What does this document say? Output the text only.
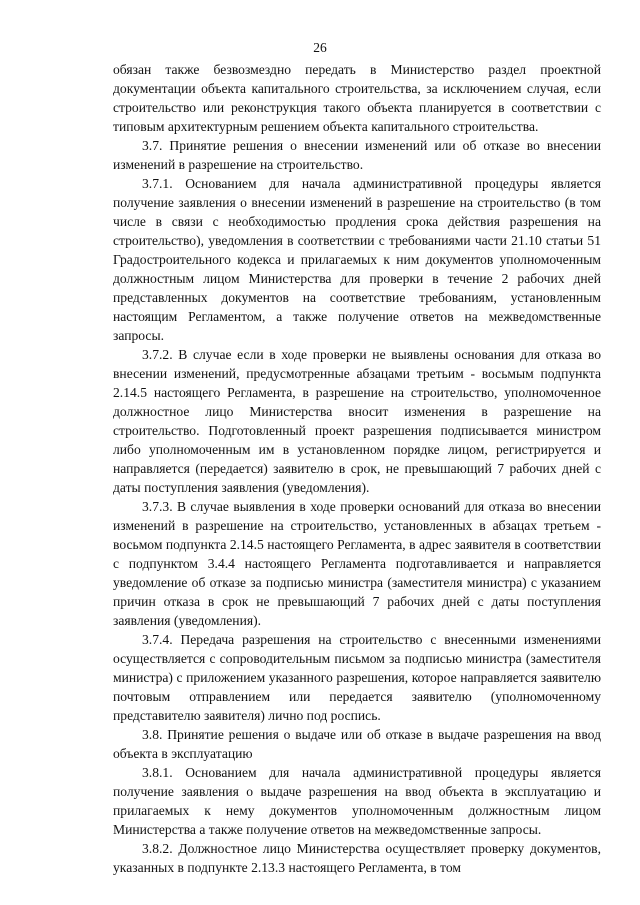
26

обязан также безвозмездно передать в Министерство раздел проектной документации объекта капитального строительства, за исключением случая, если строительство или реконструкция такого объекта планируется в соответствии с типовым архитектурным решением объекта капитального строительства.

3.7. Принятие решения о внесении изменений или об отказе во внесении изменений в разрешение на строительство.

3.7.1. Основанием для начала административной процедуры является получение заявления о внесении изменений в разрешение на строительство (в том числе в связи с необходимостью продления срока действия разрешения на строительство), уведомления в соответствии с требованиями части 21.10 статьи 51 Градостроительного кодекса и прилагаемых к ним документов уполномоченным должностным лицом Министерства для проверки в течение 2 рабочих дней представленных документов на соответствие требованиям, установленным настоящим Регламентом, а также получение ответов на межведомственные запросы.

3.7.2. В случае если в ходе проверки не выявлены основания для отказа во внесении изменений, предусмотренные абзацами третьим - восьмым подпункта 2.14.5 настоящего Регламента, в разрешение на строительство, уполномоченное должностное лицо Министерства вносит изменения в разрешение на строительство. Подготовленный проект разрешения подписывается министром либо уполномоченным им в установленном порядке лицом, регистрируется и направляется (передается) заявителю в срок, не превышающий 7 рабочих дней с даты поступления заявления (уведомления).

3.7.3. В случае выявления в ходе проверки оснований для отказа во внесении изменений в разрешение на строительство, установленных в абзацах третьем - восьмом подпункта 2.14.5 настоящего Регламента, в адрес заявителя в соответствии с подпунктом 3.4.4 настоящего Регламента подготавливается и направляется уведомление об отказе за подписью министра (заместителя министра) с указанием причин отказа в срок не превышающий 7 рабочих дней с даты поступления заявления (уведомления).

3.7.4. Передача разрешения на строительство с внесенными изменениями осуществляется с сопроводительным письмом за подписью министра (заместителя министра) с приложением указанного разрешения, которое направляется заявителю почтовым отправлением или передается заявителю (уполномоченному представителю заявителя) лично под роспись.

3.8. Принятие решения о выдаче или об отказе в выдаче разрешения на ввод объекта в эксплуатацию

3.8.1. Основанием для начала административной процедуры является получение заявления о выдаче разрешения на ввод объекта в эксплуатацию и прилагаемых к нему документов уполномоченным должностным лицом Министерства а также получение ответов на межведомственные запросы.

3.8.2. Должностное лицо Министерства осуществляет проверку документов, указанных в подпункте 2.13.3 настоящего Регламента, в том
